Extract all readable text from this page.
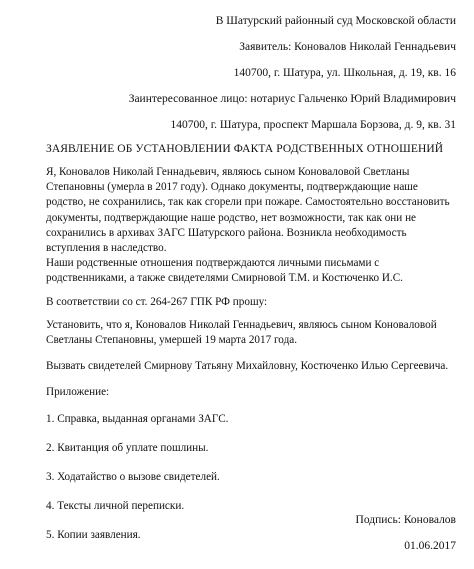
В Шатурский районный суд Московской области
Заявитель: Коновалов Николай Геннадьевич
140700, г. Шатура, ул. Школьная, д. 19, кв. 16
Заинтересованное лицо: нотариус Гальченко Юрий Владимирович
140700, г. Шатура, проспект Маршала Борзова, д. 9, кв. 31
ЗАЯВЛЕНИЕ ОБ УСТАНОВЛЕНИИ ФАКТА РОДСТВЕННЫХ ОТНОШЕНИЙ

Я, Коновалов Николай Геннадьевич, являюсь сыном Коноваловой Светланы Степановны (умерла в 2017 году). Однако документы, подтверждающие наше родство, не сохранились, так как сгорели при пожаре. Самостоятельно восстановить документы, подтверждающие наше родство, нет возможности, так как они не сохранились в архивах ЗАГС Шатурского района. Возникла необходимость вступления в наследство.

Наши родственные отношения подтверждаются личными письмами с родственниками, а также свидетелями Смирновой Т.М. и Костюченко И.С.

В соответствии со ст. 264-267 ГПК РФ прошу:

Установить, что я, Коновалов Николай Геннадьевич, являюсь сыном Коноваловой Светланы Степановны, умершей 19 марта 2017 года.

Вызвать свидетелей Смирнову Татьяну Михайловну, Костюченко Илью Сергеевича.

Приложение:

1. Справка, выданная органами ЗАГС.

2. Квитанция об уплате пошлины.

3. Ходатайство о вызове свидетелей.

4. Тексты личной переписки.

5. Копии заявления.

Подпись: Коновалов
01.06.2017
